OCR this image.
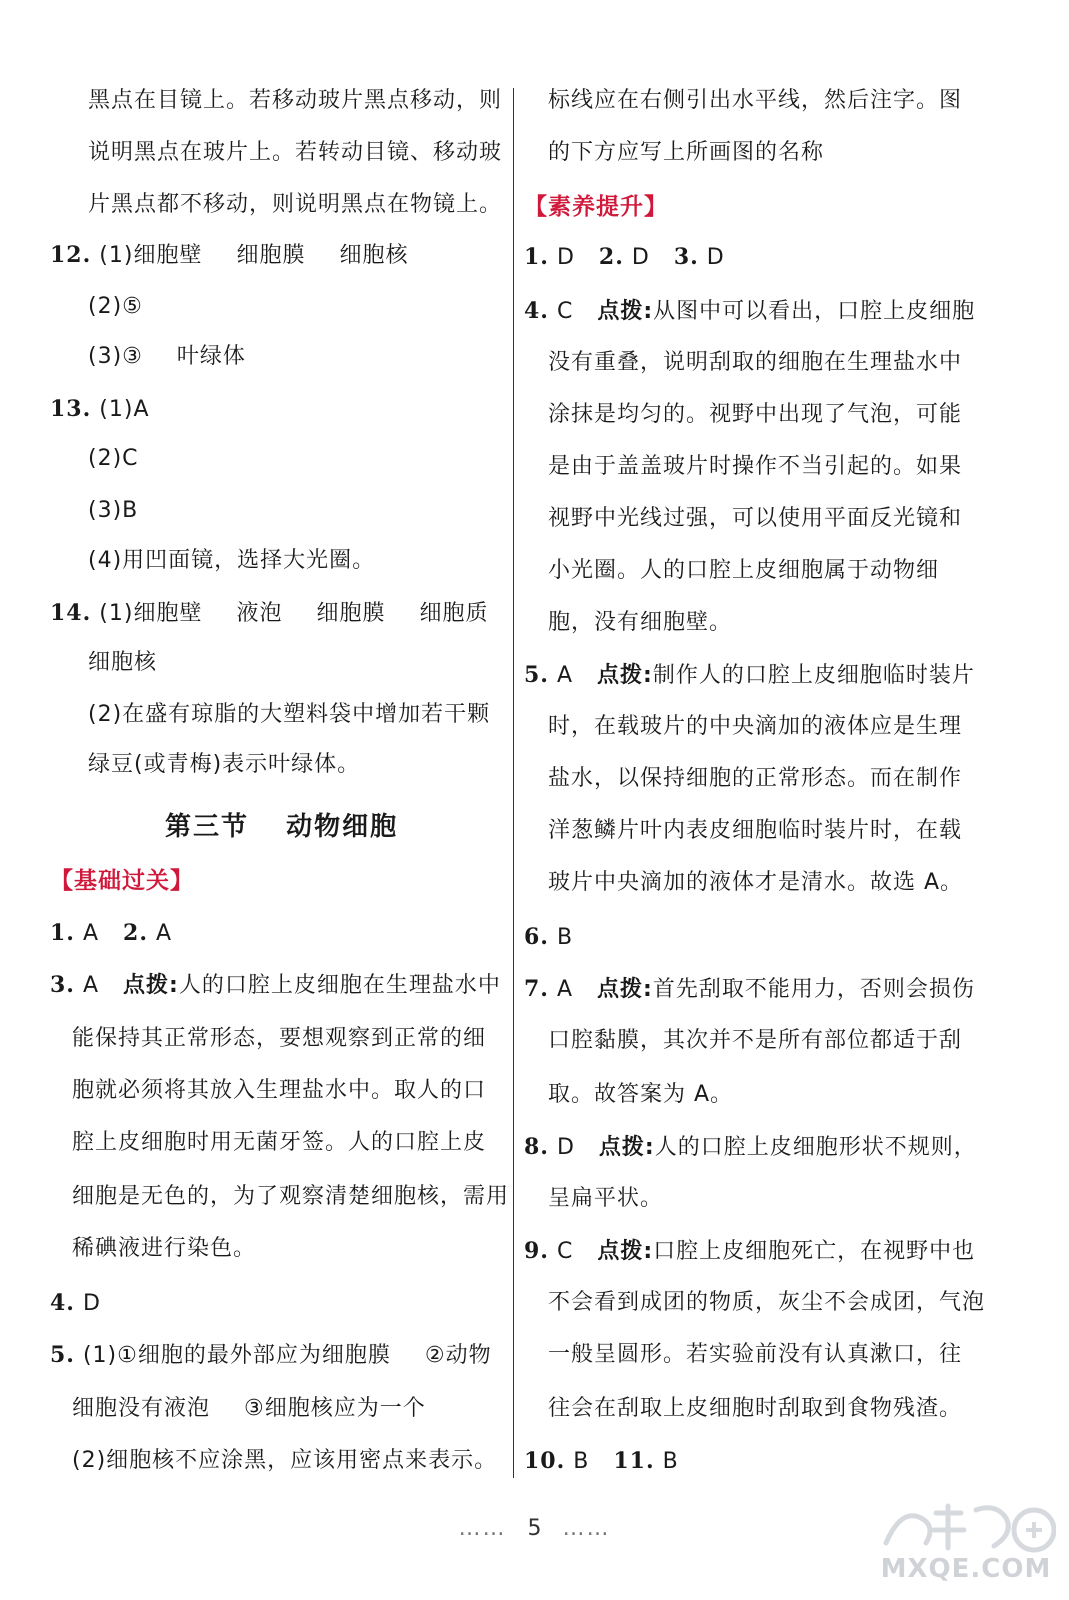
黑点在目镜上。若移动玻片黑点移动，则
说明黑点在玻片上。若转动目镜、移动玻
片黑点都不移动，则说明黑点在物镜上。
12. (1)细胞壁 细胞膜 细胞核
(2)⑤
(3)③ 叶绿体
13. (1)A
(2)C
(3)B
(4)用凹面镜，选择大光圈。
14. (1)细胞壁 液泡 细胞膜 细胞质
细胞核
(2)在盛有琼脂的大塑料袋中增加若干颗
绿豆(或青梅)表示叶绿体。
第三节 动物细胞
【基础过关】
1. A 2. A
3. A 点拨:人的口腔上皮细胞在生理盐水中
能保持其正常形态，要想观察到正常的细
胞就必须将其放入生理盐水中。取人的口
腔上皮细胞时用无菌牙签。人的口腔上皮
细胞是无色的，为了观察清楚细胞核，需用
稀碘液进行染色。
4. D
5. (1)①细胞的最外部应为细胞膜 ②动物
细胞没有液泡 ③细胞核应为一个
(2)细胞核不应涂黑，应该用密点来表示。
标线应在右侧引出水平线，然后注字。图
的下方应写上所画图的名称
【素养提升】
1. D 2. D 3. D
4. C 点拨:从图中可以看出，口腔上皮细胞
没有重叠，说明刮取的细胞在生理盐水中
涂抹是均匀的。视野中出现了气泡，可能
是由于盖盖玻片时操作不当引起的。如果
视野中光线过强，可以使用平面反光镜和
小光圈。人的口腔上皮细胞属于动物细
胞，没有细胞壁。
5. A 点拨:制作人的口腔上皮细胞临时装片
时，在载玻片的中央滴加的液体应是生理
盐水，以保持细胞的正常形态。而在制作
洋葱鳞片叶内表皮细胞临时装片时，在载
玻片中央滴加的液体才是清水。故选 A。
6. B
7. A 点拨:首先刮取不能用力，否则会损伤
口腔黏膜，其次并不是所有部位都适于刮
取。故答案为 A。
8. D 点拨:人的口腔上皮细胞形状不规则，
呈扁平状。
9. C 点拨:口腔上皮细胞死亡，在视野中也
不会看到成团的物质，灰尘不会成团，气泡
一般呈圆形。若实验前没有认真漱口，往
往会在刮取上皮细胞时刮取到食物残渣。
10. B 11. B
…… 5 ……
MXQE.COM
